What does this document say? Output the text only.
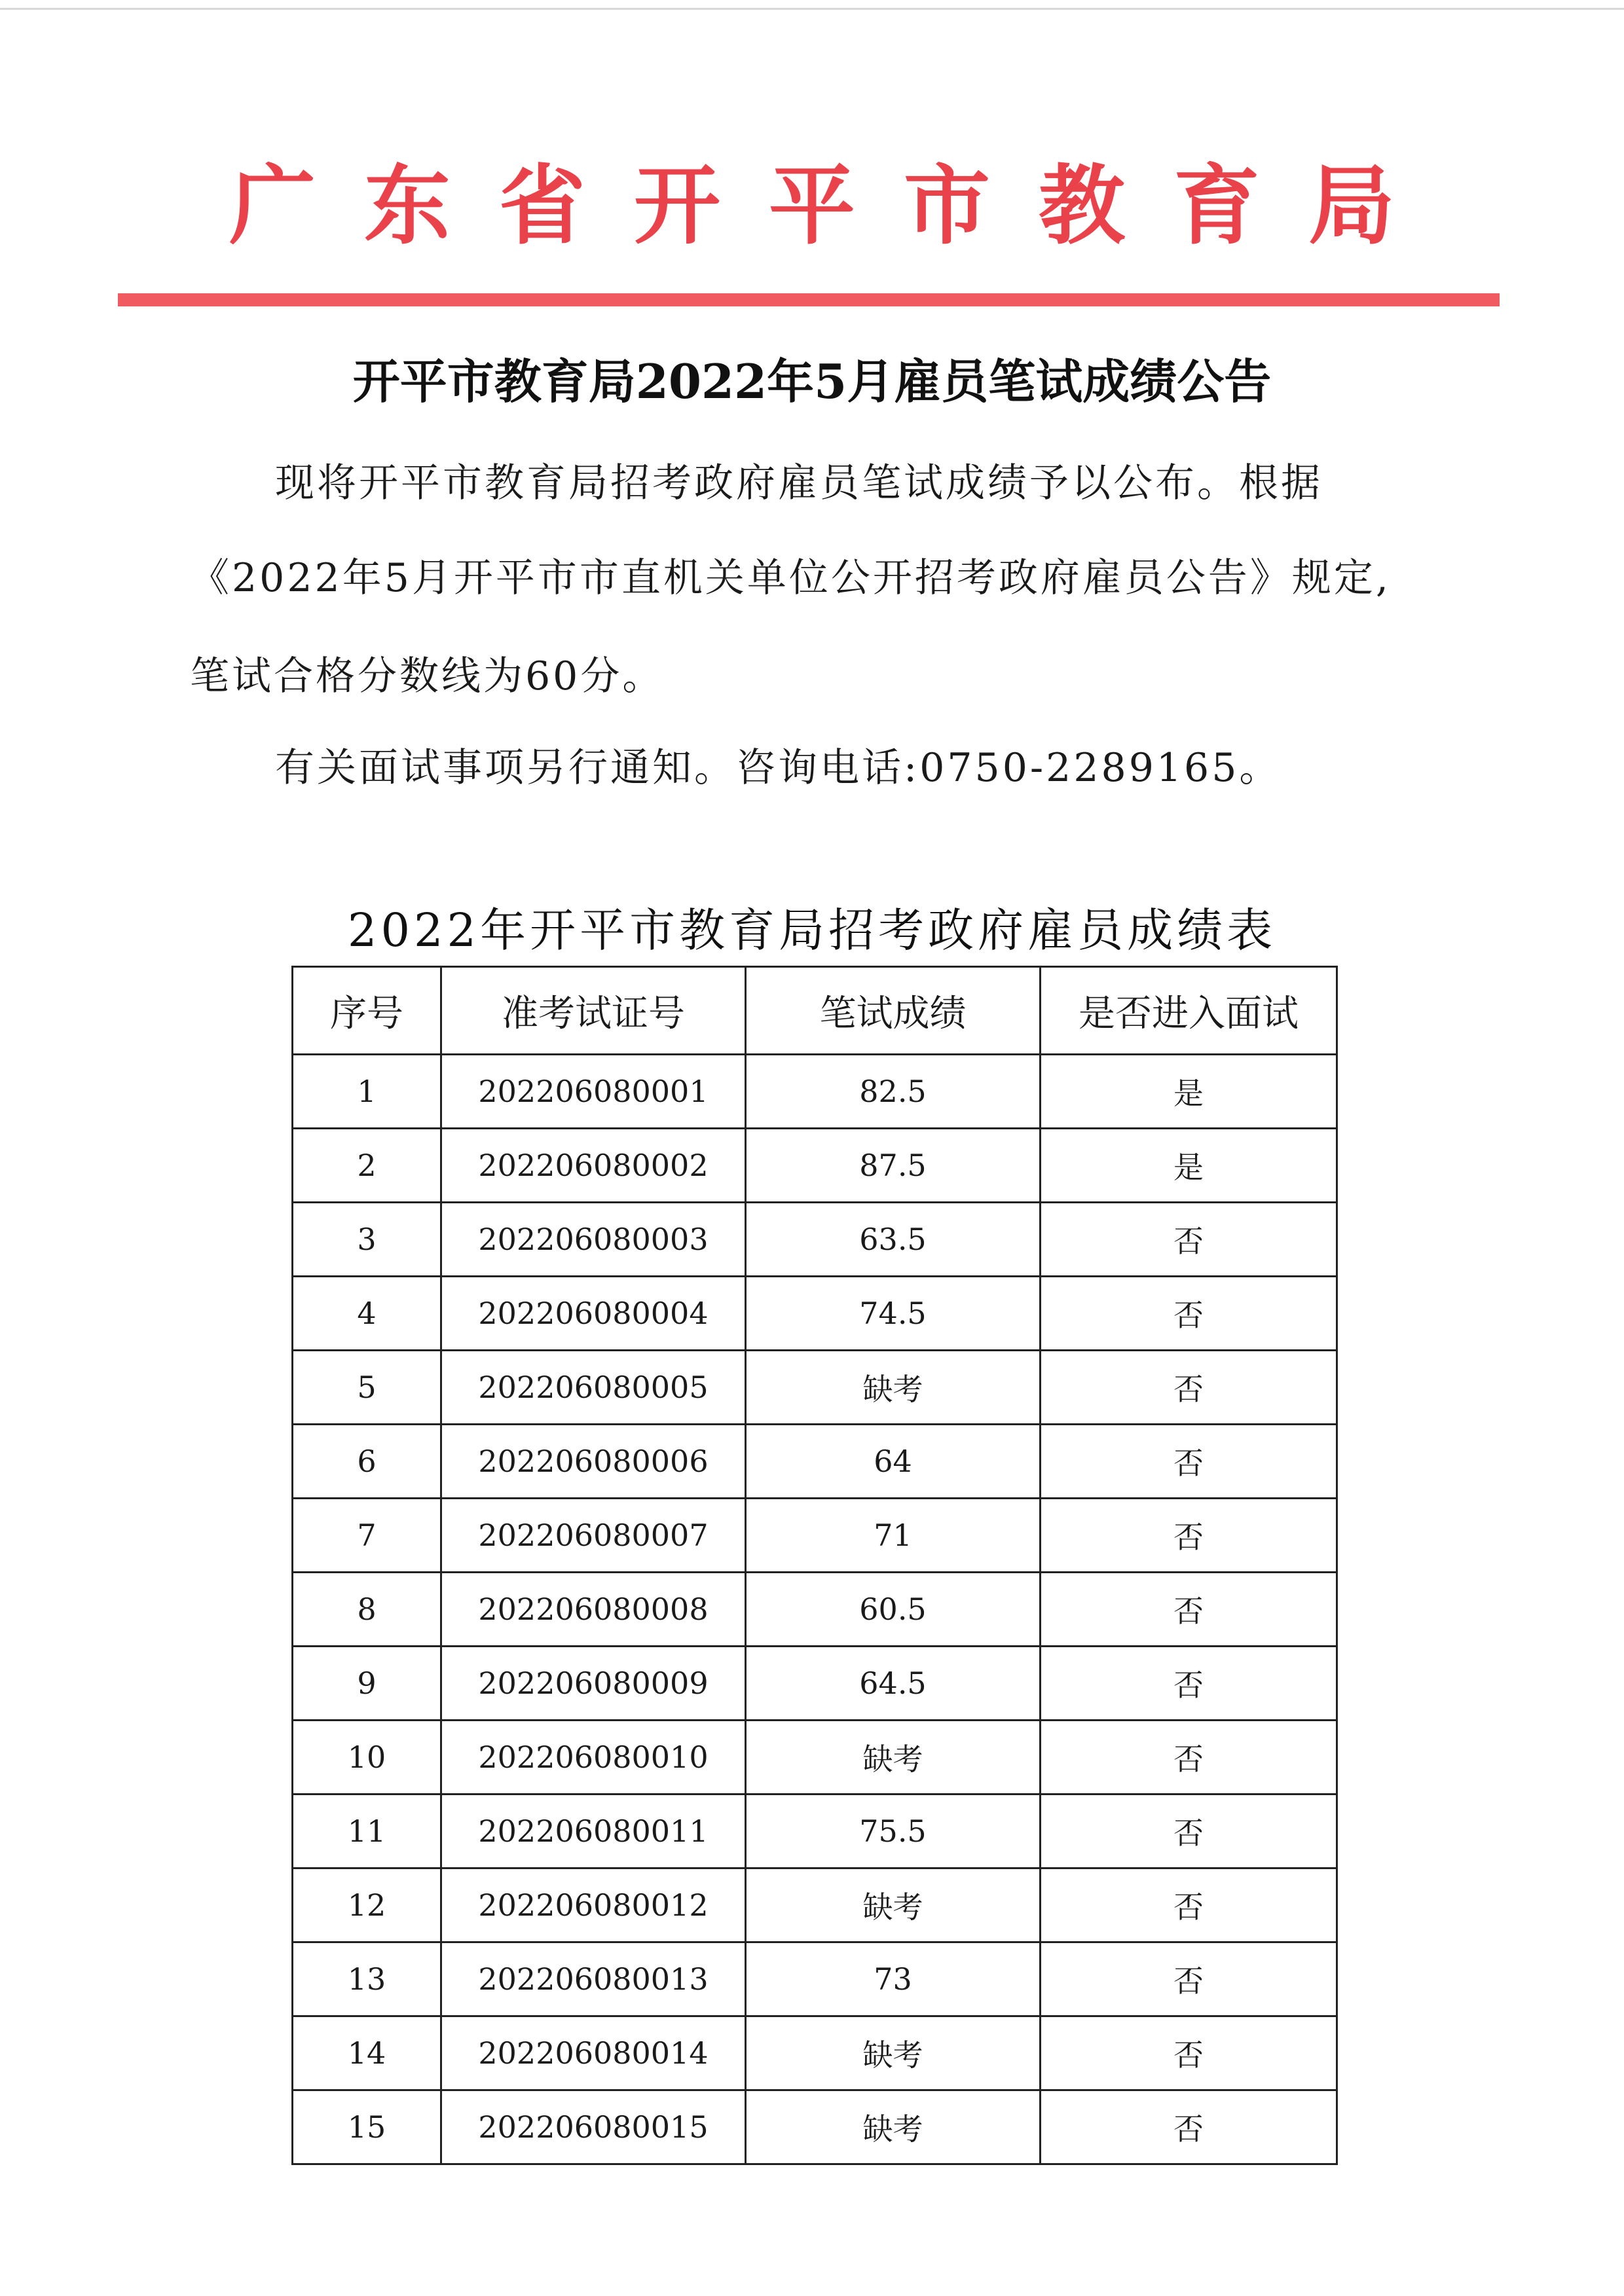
广 东 省 开 平 市 教 育 局
开平市教育局2022年5月雇员笔试成绩公告
现将开平市教育局招考政府雇员笔试成绩予以公布。根据
《2022年5月开平市市直机关单位公开招考政府雇员公告》规定,
笔试合格分数线为60分。
有关面试事项另行通知。咨询电话:0750-2289165。
2022年开平市教育局招考政府雇员成绩表
序号	准考试证号	笔试成绩	是否进入面试
1	202206080001	82.5	是
2	202206080002	87.5	是
3	202206080003	63.5	否
4	202206080004	74.5	否
5	202206080005	缺考	否
6	202206080006	64	否
7	202206080007	71	否
8	202206080008	60.5	否
9	202206080009	64.5	否
10	202206080010	缺考	否
11	202206080011	75.5	否
12	202206080012	缺考	否
13	202206080013	73	否
14	202206080014	缺考	否
15	202206080015	缺考	否
